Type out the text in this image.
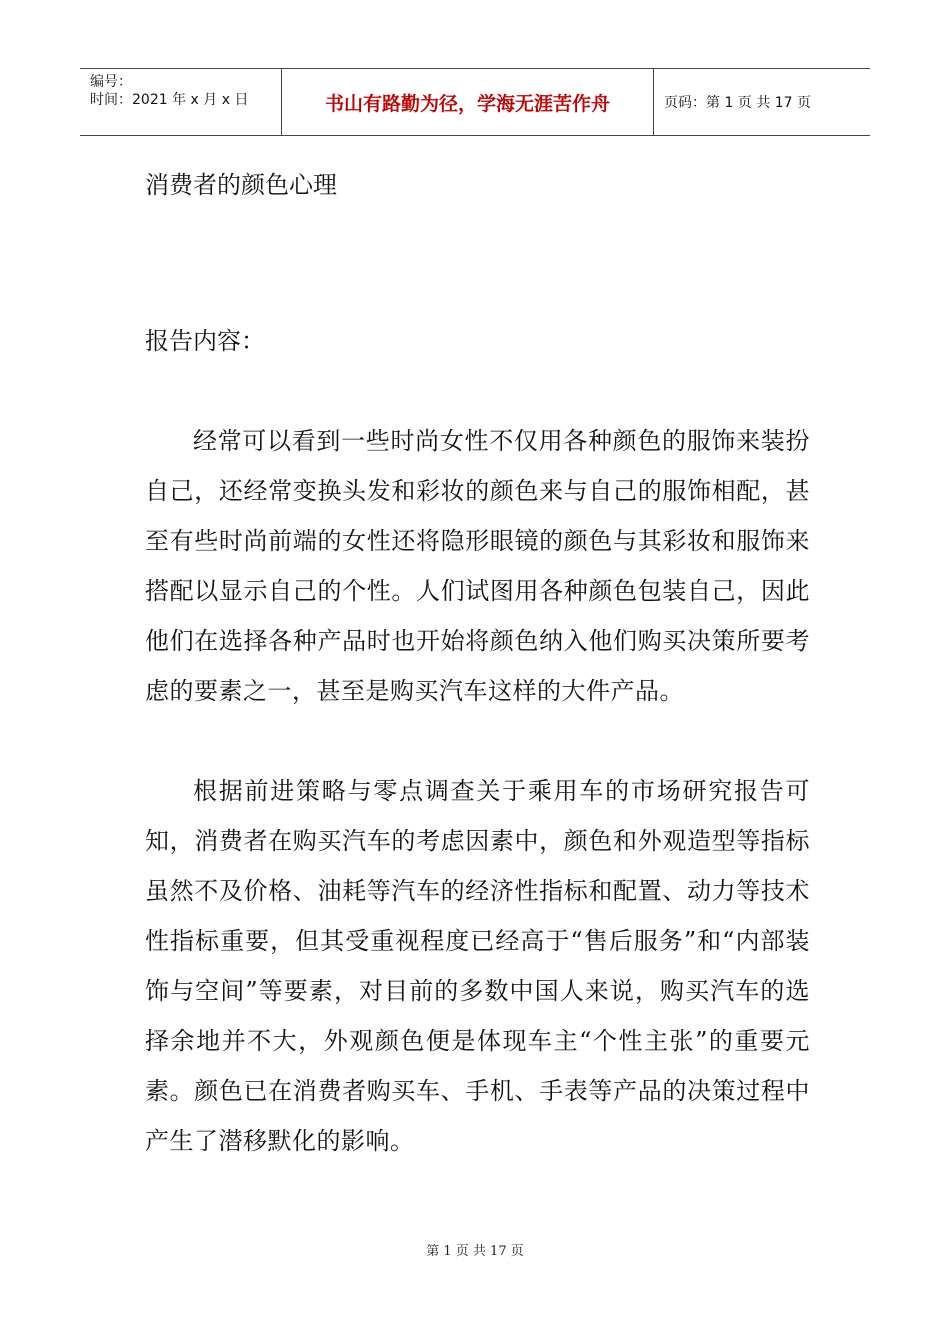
编号：
时间：2021 年 x 月 x 日	书山有路勤为径，学海无涯苦作舟	页码：第 1 页 共 17 页
消费者的颜色心理

报告内容：

经常可以看到一些时尚女性不仅用各种颜色的服饰来装扮自己，还经常变换头发和彩妆的颜色来与自己的服饰相配，甚至有些时尚前端的女性还将隐形眼镜的颜色与其彩妆和服饰来搭配以显示自己的个性。人们试图用各种颜色包装自己，因此他们在选择各种产品时也开始将颜色纳入他们购买决策所要考虑的要素之一，甚至是购买汽车这样的大件产品。

根据前进策略与零点调查关于乘用车的市场研究报告可知，消费者在购买汽车的考虑因素中，颜色和外观造型等指标虽然不及价格、油耗等汽车的经济性指标和配置、动力等技术性指标重要，但其受重视程度已经高于“售后服务”和“内部装饰与空间”等要素，对目前的多数中国人来说，购买汽车的选择余地并不大，外观颜色便是体现车主“个性主张”的重要元素。颜色已在消费者购买车、手机、手表等产品的决策过程中产生了潜移默化的影响。

第 1 页 共 17 页
